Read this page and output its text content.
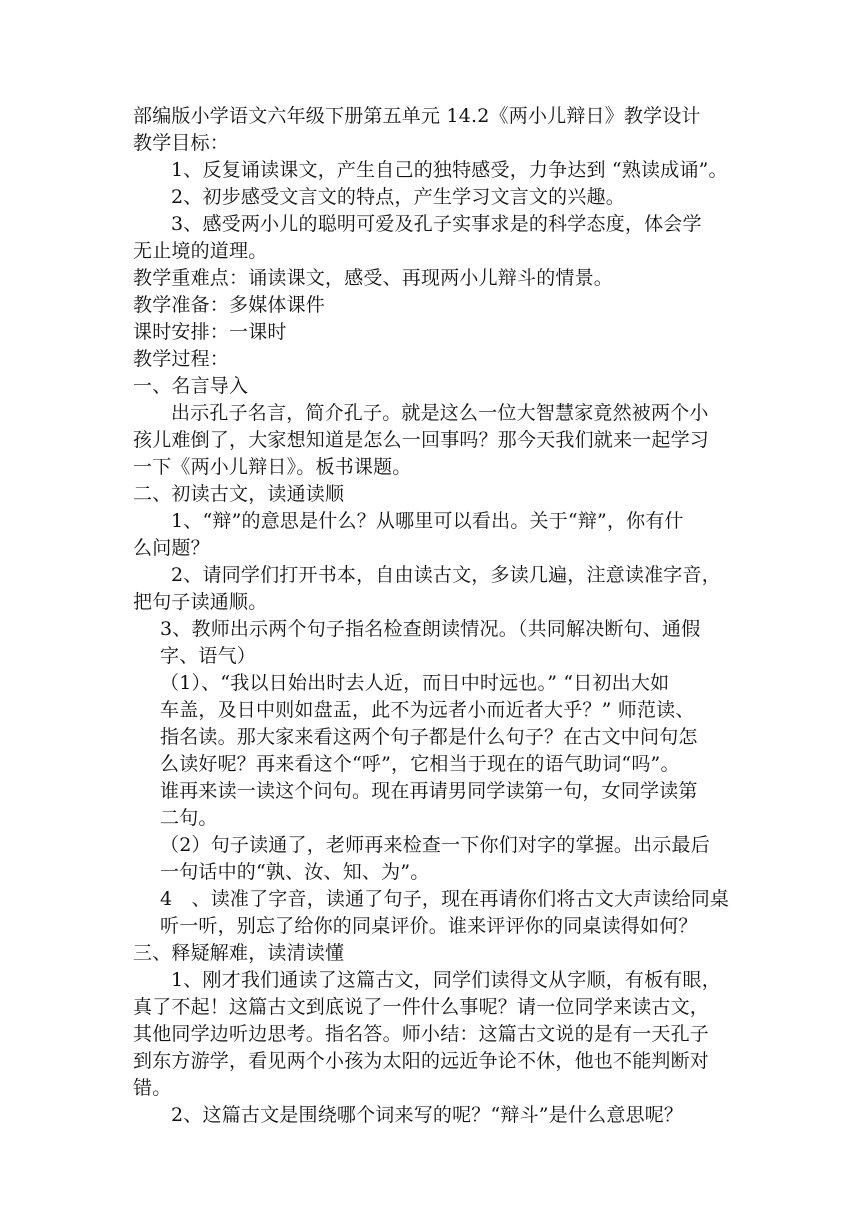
部编版小学语文六年级下册第五单元 14.2《两小儿辩日》教学设计
教学目标：
1、反复诵读课文，产生自己的独特感受，力争达到 “熟读成诵”。
2、初步感受文言文的特点，产生学习文言文的兴趣。
3、感受两小儿的聪明可爱及孔子实事求是的科学态度，体会学
无止境的道理。
教学重难点：诵读课文，感受、再现两小儿辩斗的情景。
教学准备：多媒体课件
课时安排：一课时
教学过程：
一、名言导入
出示孔子名言，简介孔子。就是这么一位大智慧家竟然被两个小
孩儿难倒了，大家想知道是怎么一回事吗？那今天我们就来一起学习
一下《两小儿辩日》。板书课题。
二、初读古文，读通读顺
1、“辩”的意思是什么？从哪里可以看出。关于“辩”，你有什
么问题？
2、请同学们打开书本，自由读古文，多读几遍，注意读准字音，
把句子读通顺。
3、教师出示两个句子指名检查朗读情况。（共同解决断句、通假
字、语气）
（1）、“我以日始出时去人近，而日中时远也。” “日初出大如
车盖，及日中则如盘盂，此不为远者小而近者大乎？” 师范读、
指名读。那大家来看这两个句子都是什么句子？在古文中问句怎
么读好呢？再来看这个“呼”，它相当于现在的语气助词“吗”。
谁再来读一读这个问句。现在再请男同学读第一句，女同学读第
二句。
（2）句子读通了，老师再来检查一下你们对字的掌握。出示最后
一句话中的“孰、汝、知、为”。
4　、读准了字音，读通了句子，现在再请你们将古文大声读给同桌
听一听，别忘了给你的同桌评价。谁来评评你的同桌读得如何？
三、释疑解难，读清读懂
1、刚才我们通读了这篇古文，同学们读得文从字顺，有板有眼，
真了不起！这篇古文到底说了一件什么事呢？请一位同学来读古文，
其他同学边听边思考。指名答。师小结：这篇古文说的是有一天孔子
到东方游学，看见两个小孩为太阳的远近争论不休，他也不能判断对
错。
2、这篇古文是围绕哪个词来写的呢？“辩斗”是什么意思呢？
